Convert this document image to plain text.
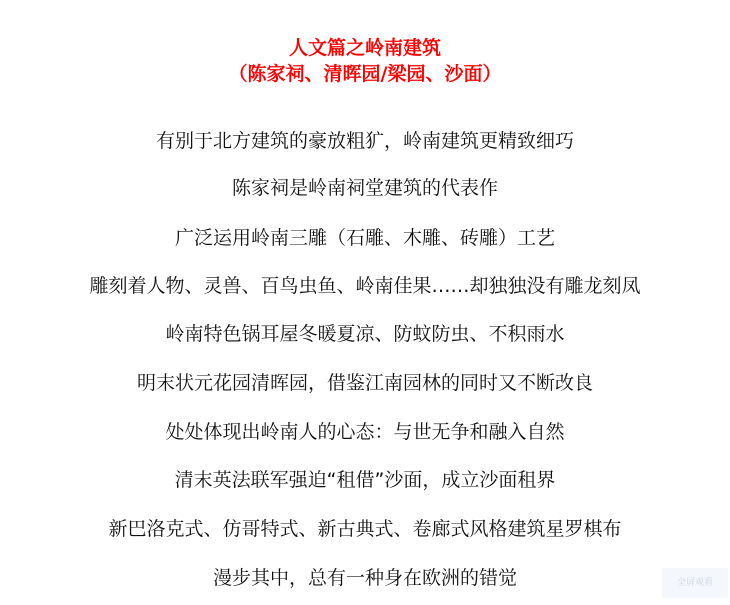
人文篇之岭南建筑
（陈家祠、清晖园/梁园、沙面）
有别于北方建筑的豪放粗犷，岭南建筑更精致细巧
陈家祠是岭南祠堂建筑的代表作
广泛运用岭南三雕（石雕、木雕、砖雕）工艺
雕刻着人物、灵兽、百鸟虫鱼、岭南佳果……却独独没有雕龙刻凤
岭南特色锅耳屋冬暖夏凉、防蚊防虫、不积雨水
明末状元花园清晖园，借鉴江南园林的同时又不断改良
处处体现出岭南人的心态：与世无争和融入自然
清末英法联军强迫“租借”沙面，成立沙面租界
新巴洛克式、仿哥特式、新古典式、卷廊式风格建筑星罗棋布
漫步其中，总有一种身在欧洲的错觉	全屏观看
